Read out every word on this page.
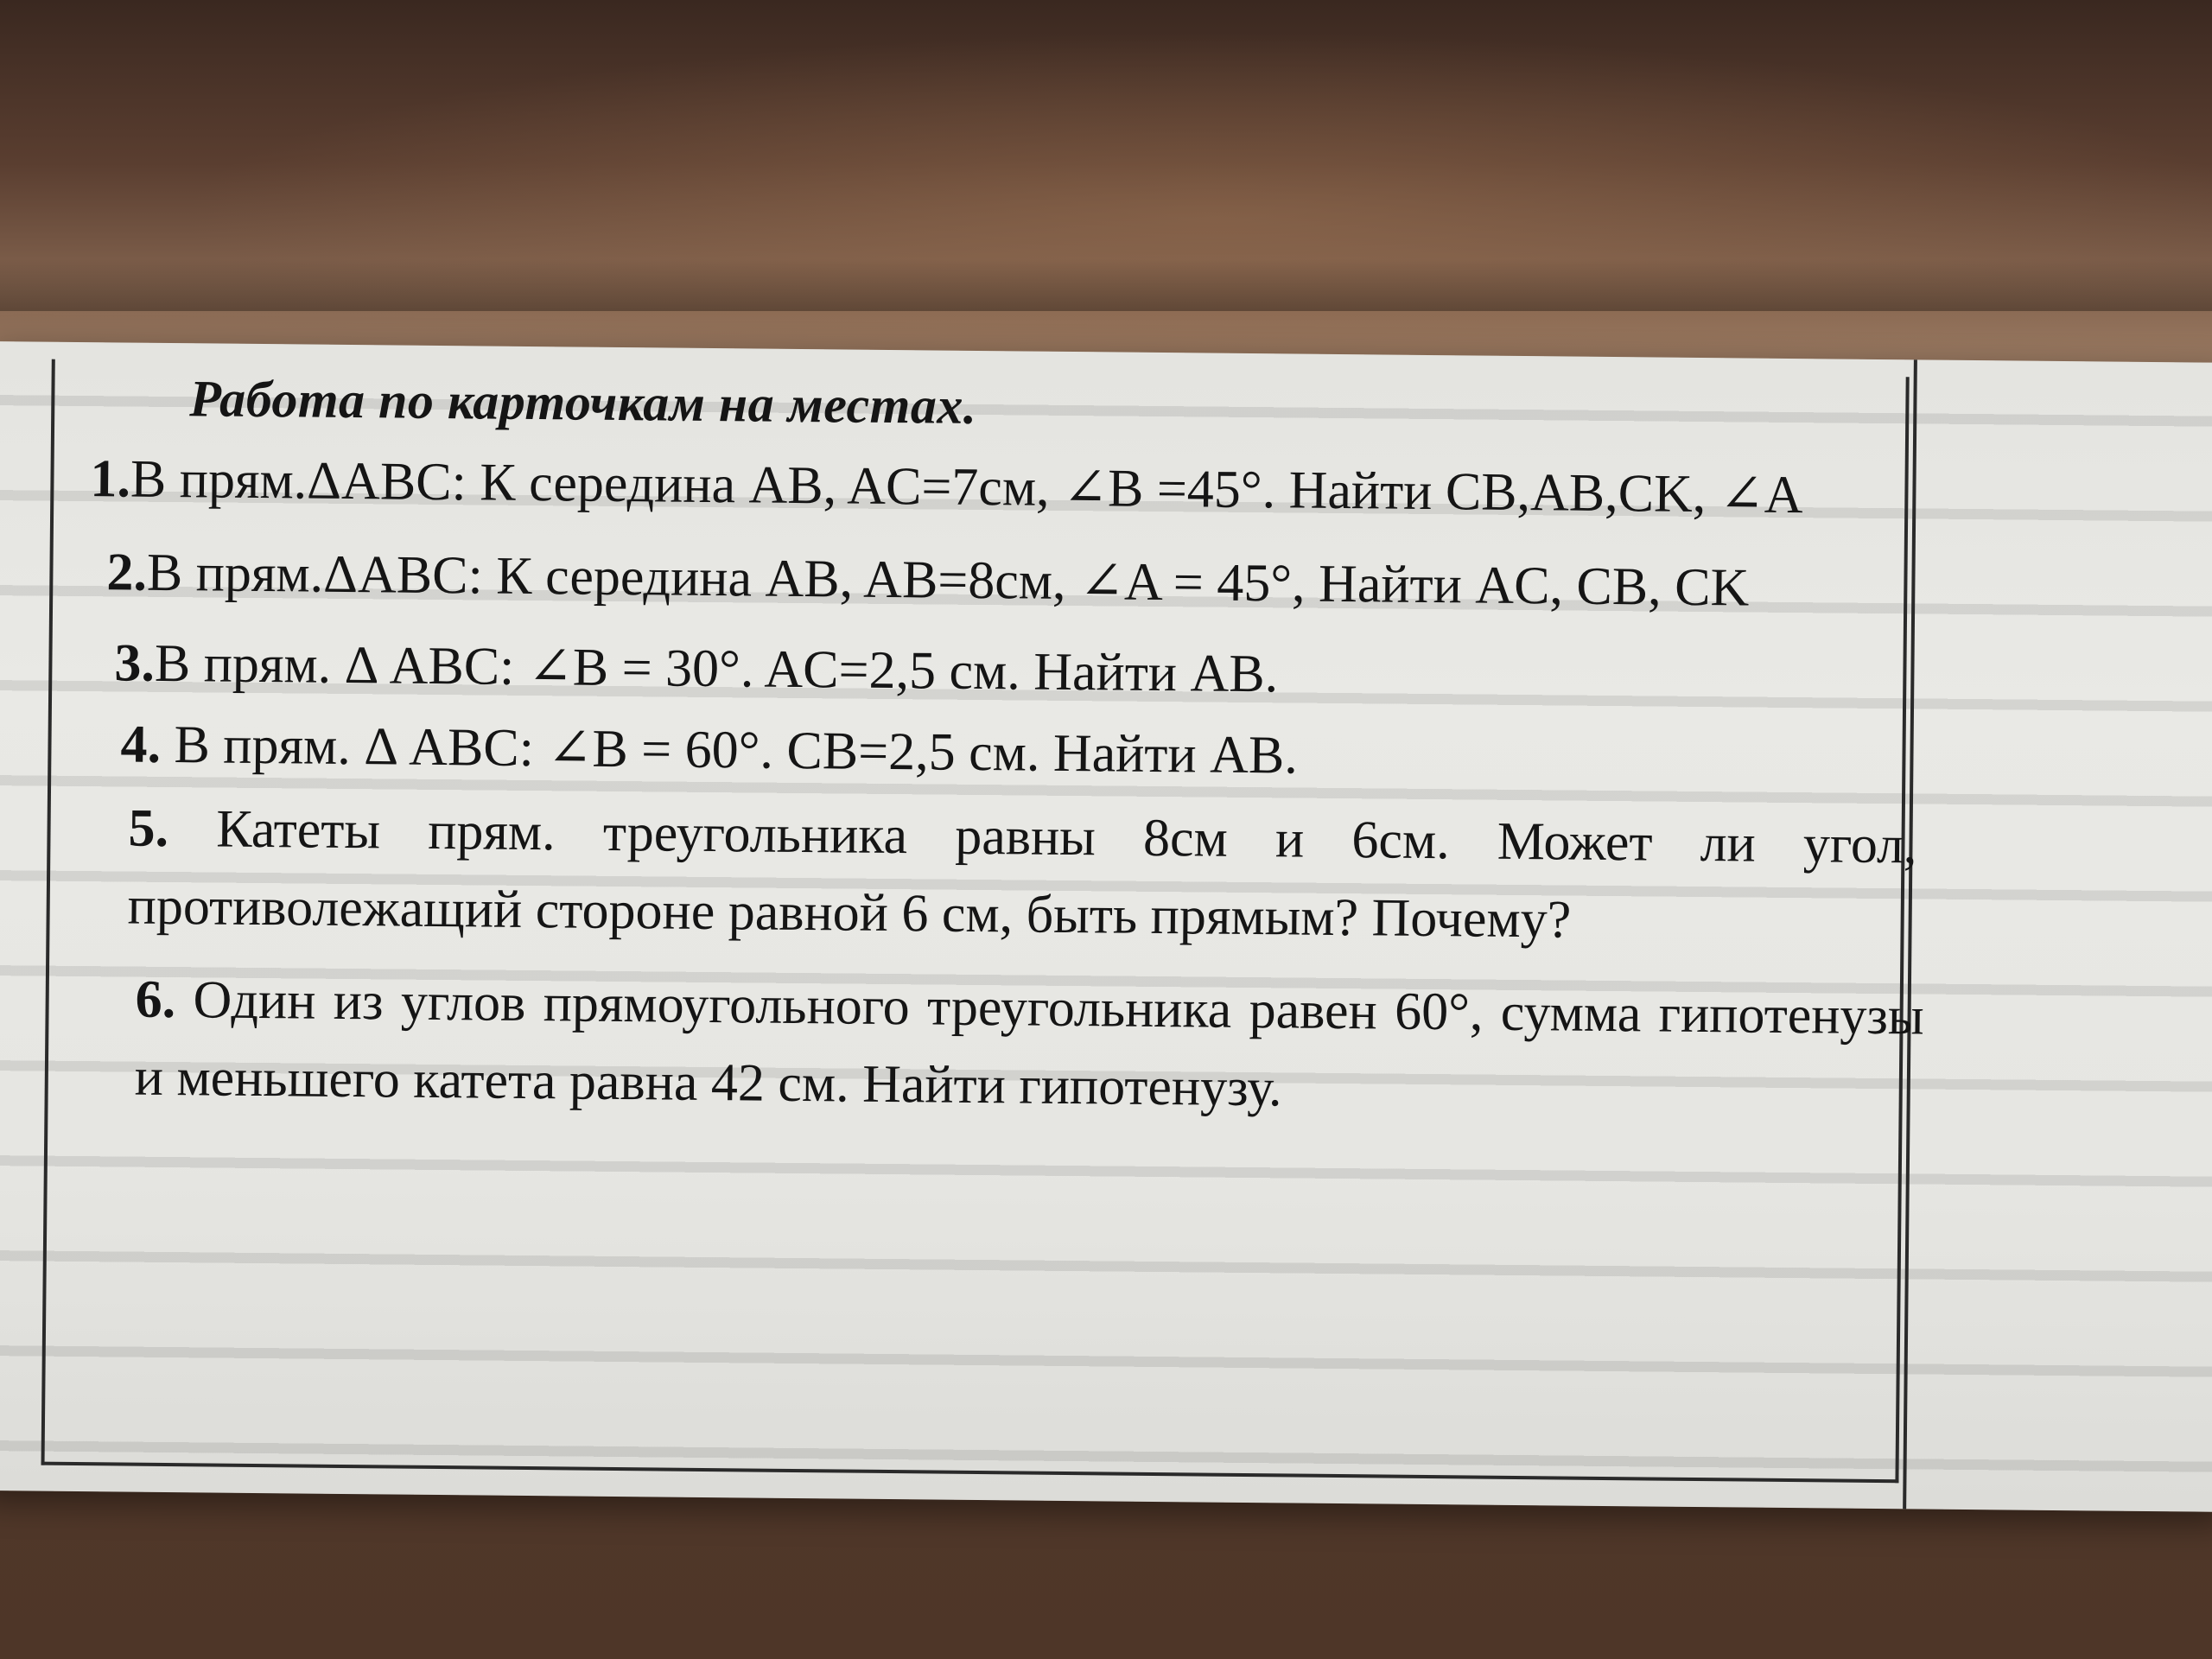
Работа по карточкам на местах.
1.В прям.ΔABC: К середина AB, AC=7см, ∠B =45°. Найти CB,AB,CK, ∠A
2.В прям.ΔABC: К середина AB, AB=8см, ∠A = 45°, Найти AC, CB, CK
3.В прям. Δ ABC: ∠B = 30°. AC=2,5 см. Найти AB.
4. В прям. Δ ABC: ∠B = 60°. CB=2,5 см. Найти AB.
5. Катеты прям. треугольника равны 8см и 6см. Может ли угол, противолежащий стороне равной 6 см, быть прямым? Почему?
6. Один из углов прямоугольного треугольника равен 60°, сумма гипотенузы и меньшего катета равна 42 см. Найти гипотенузу.
